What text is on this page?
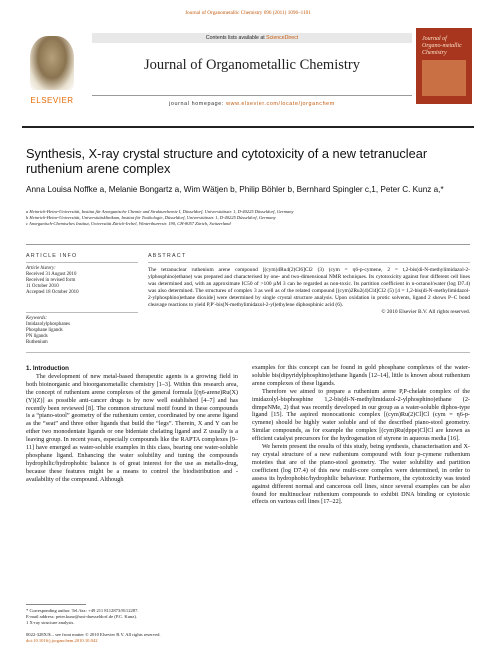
Journal of Organometallic Chemistry 696 (2011) 1096–1101
ELSEVIER
Contents lists available at ScienceDirect
Journal of Organometallic Chemistry
journal homepage: www.elsevier.com/locate/jorganchem
Journal of Organo-metallic Chemistry
Synthesis, X-ray crystal structure and cytotoxicity of a new tetranuclear ruthenium arene complex
Anna Louisa Noffke a, Melanie Bongartz a, Wim Wätjen b, Philip Böhler b, Bernhard Spingler c,1, Peter C. Kunz a,*
a Heinrich-Heine-Universität, Institut für Anorganische Chemie und Strukturchemie I, Düsseldorf, Universitätsstr. 1, D-40225 Düsseldorf, Germany
b Heinrich-Heine-Universität, Universitätsklinikum, Institut für Toxikologie, Düsseldorf, Universitätsstr. 1, D-40225 Düsseldorf, Germany
c Anorganisch-Chemisches Institut, Universität Zürich-Irchel, Winterthurerstr. 190, CH-8057 Zürich, Switzerland
ARTICLE INFO	ABSTRACT
Article history:
Received 31 August 2010
Received in revised form
11 October 2010
Accepted 18 October 2010
Keywords:
Imidazolylphosphanes
Phosphane ligands
PN ligands
Ruthenium
The tetranuclear ruthenium arene compound [(cym)4Ru4(2)Cl6]Cl2 (3) (cym = η6-p-cymene, 2 = t,2-bis(di-N-methylimidazol-2-ylphosphino)ethane) was prepared and characterised by one- and two-dimensional NMR techniques. Its cytotoxicity against four different cell lines was determined and, with an approximate IC50 of >100 µM 3 can be regarded as non-toxic. Its partition coefficient in n-octanol/water (log D7.4) was also determined. The structures of complex 3 as well as of the related compound [(cym)2Ru2(4)Cl4]Cl2 (5) [4 = 1,2-bis(di-N-methylimidazol-2-ylphosphino)ethane dioxide] were determined by single crystal structure analysis. Upon oxidation in protic solvents, ligand 2 shows P–C bond cleavage reactions to yield P,P′-bis(N-methylimidazol-2-yl)ethylene diphosphinic acid (6).
© 2010 Elsevier B.V. All rights reserved.

1. Introduction

The development of new metal-based therapeutic agents is a growing field in both bioinorganic and bioorganometallic chemistry [1–3]. Within this research area, the concept of ruthenium arene complexes of the general formula [(η6-arene)Ru(X)(Y)(Z)] as possible anti-cancer drugs is by now well established [4–7] and has recently been reviewed [8]. The common structural motif found in these compounds is a “piano-stool” geometry of the ruthenium center, coordinated by one arene ligand as the “seat” and three other ligands that build the “legs”. Therein, X and Y can be either two monodentate ligands or one bidentate chelating ligand and Z usually is a leaving group. In recent years, especially compounds like the RAPTA complexes [9–11] have emerged as water-soluble examples in this class, bearing one water-soluble phosphane ligand. Enhancing the water solubility and tuning the compounds hydrophilic/hydrophobic balance is of great interest for the use as metallo-drug, because these features might be a means to control the biodistribution and -availability of the compound. Although

examples for this concept can be found in gold phosphane complexes of the water-soluble bis(dipyridylphosphino)ethane ligands [12–14], little is known about ruthenium arene complexes of these ligands.

Therefore we aimed to prepare a ruthenium arene P,P-chelate complex of the imidazolyl-bisphosphine 1,2-bis(di-N-methylimidazol-2-ylphosphino)ethane (2-dimpeNMe, 2) that was recently developed in our group as a water-soluble diphos-type ligand [15]. The aspired monocationic complex [(cym)Ru(2)Cl]Cl (cym = η6-p-cymene) should be highly water soluble and of the described piano-stool geometry. Similar compounds, as for example the complex [(cym)Ru(dppe)Cl]Cl are known as efficient catalyst precursors for the hydrogenation of styrene in aqueous media [16].

We herein present the results of this study, being synthesis, characterisation and X-ray crystal structure of a new ruthenium compound with four p-cymene ruthenium moieties that are of the piano-stool geometry. The water solubility and partition coefficient (log D7.4) of this new multi-core complex were determined, in order to assess its hydrophobic/hydrophilic behaviour. Furthermore, the cytotoxicity was tested against different normal and cancerous cell lines, since several examples can be also found for multinuclear ruthenium compounds to exhibit DNA binding or cytotoxic effects on various cell lines [17–22].

* Corresponding author. Tel./fax: +49 211 8112873/8112287.
E-mail address: peter.kunz@uni-duesseldorf.de (P.C. Kunz).
1 X-ray structure analysis.
0022-328X/$ – see front matter © 2010 Elsevier B.V. All rights reserved.
doi:10.1016/j.jorganchem.2010.10.042
